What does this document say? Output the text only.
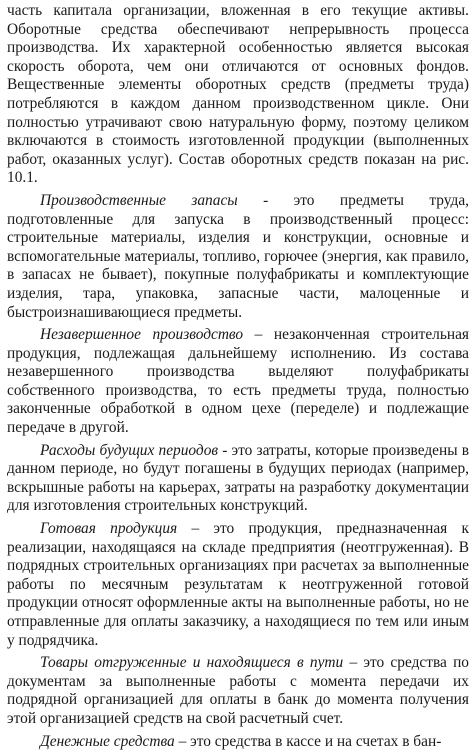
часть капитала организации, вложенная в его текущие активы. Оборотные средства обеспечивают непрерывность процесса производства. Их характерной особенностью является высокая скорость оборота, чем они отличаются от основных фондов. Вещественные элементы оборотных средств (предметы труда) потребляются в каждом данном производственном цикле. Они полностью утрачивают свою натуральную форму, поэтому целиком включаются в стоимость изготовленной продукции (выполненных работ, оказанных услуг). Состав оборотных средств показан на рис. 10.1.

Производственные запасы - это предметы труда, подготовленные для запуска в производственный процесс: строительные материалы, изделия и конструкции, основные и вспомогательные материалы, топливо, горючее (энергия, как правило, в запасах не бывает), покупные полуфабрикаты и комплектующие изделия, тара, упаковка, запасные части, малоценные и быстроизнашивающиеся предметы.

Незавершенное производство – незаконченная строительная продукция, подлежащая дальнейшему исполнению. Из состава незавершенного производства выделяют полуфабрикаты собственного производства, то есть предметы труда, полностью законченные обработкой в одном цехе (переделе) и подлежащие передаче в другой.

Расходы будущих периодов - это затраты, которые произведены в данном периоде, но будут погашены в будущих периодах (например, вскрышные работы на карьерах, затраты на разработку документации для изготовления строительных конструкций.

Готовая продукция – это продукция, предназначенная к реализации, находящаяся на складе предприятия (неотгруженная). В подрядных строительных организациях при расчетах за выполненные работы по месячным результатам к неотгруженной готовой продукции относят оформленные акты на выполненные работы, но не отправленные для оплаты заказчику, а находящиеся по тем или иным у подрядчика.

Товары отгруженные и находящиеся в пути – это средства по документам за выполненные работы с момента передачи их подрядной организацией для оплаты в банк до момента получения этой организацией средств на свой расчетный счет.

Денежные средства – это средства в кассе и на счетах в бан-
